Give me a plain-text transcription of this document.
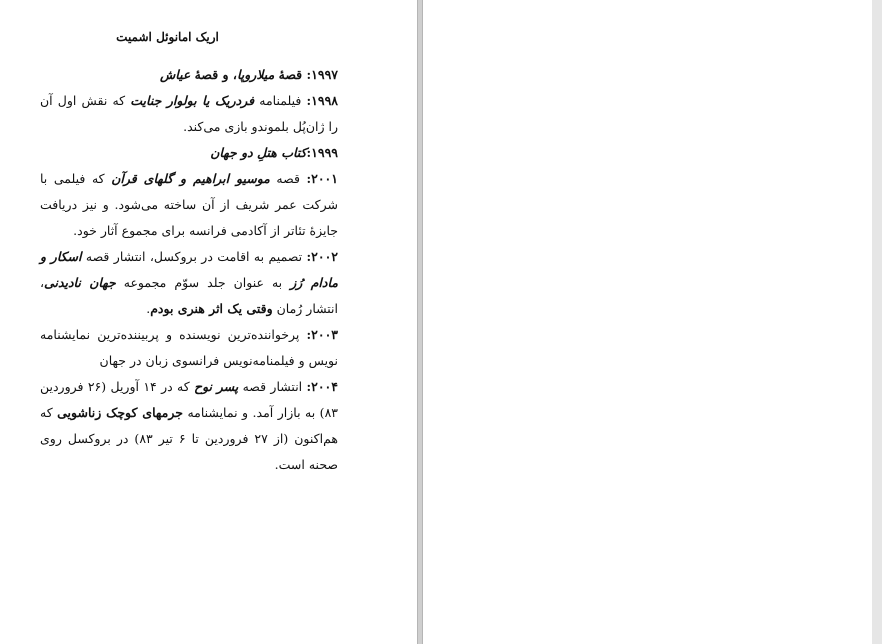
اریک امانوئل اشمیت

۱۹۹۷: قصهٔ میلاروپا، و قصهٔ عیاش

۱۹۹۸: فیلمنامه فردریک یا بولوار جنایت که نقش اول آن را ژان‌پُل بلموندو بازی می‌کند.

۱۹۹۹:کتاب هتلِ دو جهان

۲۰۰۱: قصه موسیو ابراهیم و گلهای قرآن که فیلمی با شرکت عمر شریف از آن ساخته می‌شود. و نیز دریافت جایزهٔ تئاتر از آکادمی فرانسه برای مجموع آثار خود.

۲۰۰۲: تصمیم به اقامت در بروکسل، انتشار قصه اسکار و مادام رُز به عنوان جلد سوّم مجموعه جهان نادیدنی، انتشار رُمان وقتی یک اثر هنری بودم.

۲۰۰۳: پرخواننده‌ترین نویسنده و پربیننده‌ترین نمایشنامه نویس و فیلمنامه‌نویس فرانسوی زبان در جهان

۲۰۰۴: انتشار قصه پسر نوح که در ۱۴ آوریل (۲۶ فروردین ۸۳) به بازار آمد. و نمایشنامه جرمهای کوچک زناشویی که هم‌اکنون (از ۲۷ فروردین تا ۶ تیر ۸۳) در بروکسل روی صحنه است.
